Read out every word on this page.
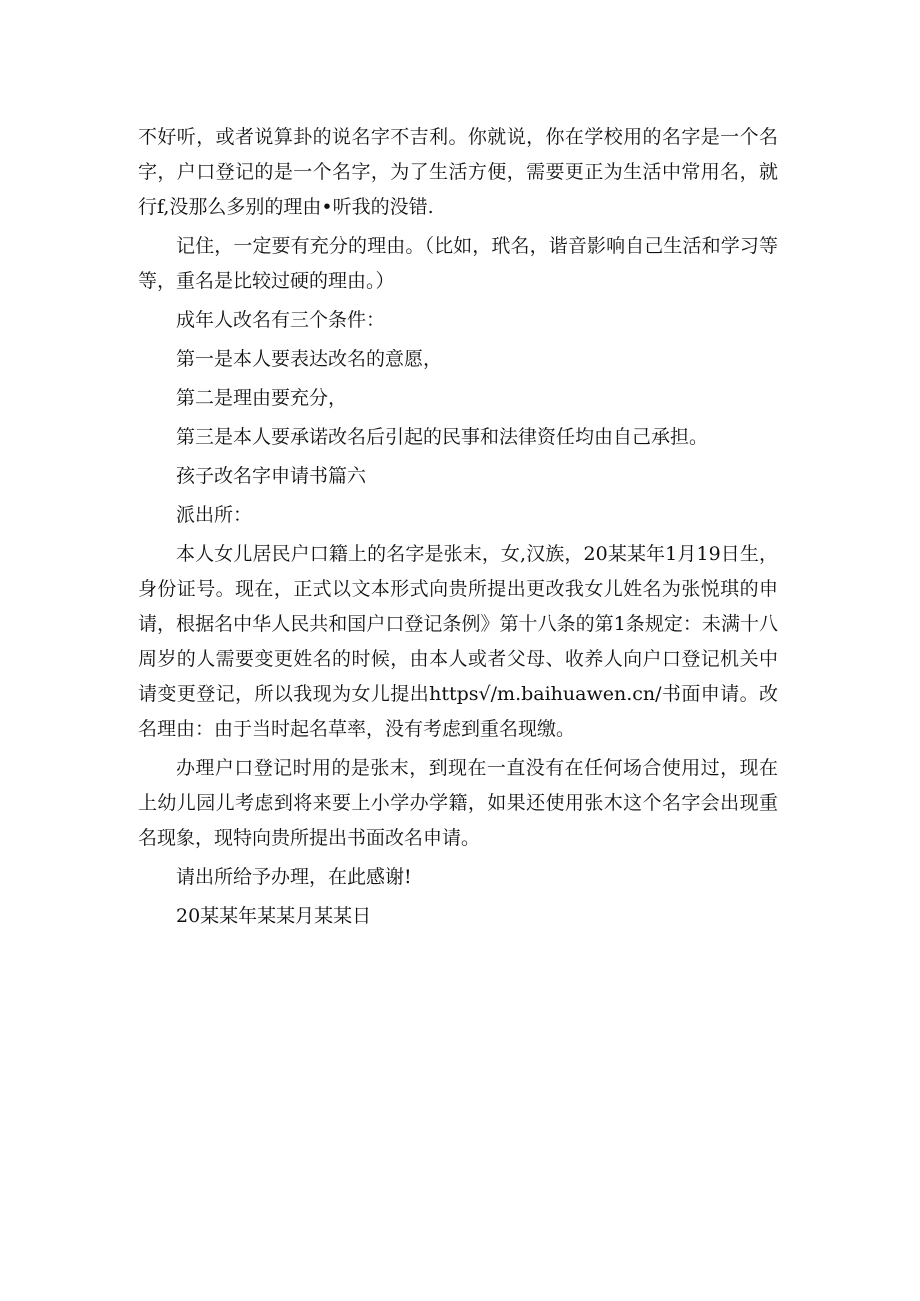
不好听，或者说算卦的说名字不吉利。你就说，你在学校用的名字是一个名字，户口登记的是一个名字，为了生活方便，需要更正为生活中常用名，就行f,没那么多别的理由•听我的没错.

记住，一定要有充分的理由。（比如，玳名，谐音影响自己生活和学习等等，重名是比较过硬的理由。）

成年人改名有三个条件：

第一是本人要表达改名的意愿，

第二是理由要充分，

第三是本人要承诺改名后引起的民事和法律资任均由自己承担。

孩子改名字申请书篇六

派出所：

本人女儿居民户口籍上的名字是张末，女,汉族，20某某年1月19日生，身份证号。现在，正式以文本形式向贵所提出更改我女儿姓名为张悦琪的申请，根据名中华人民共和国户口登记条例》第十八条的第1条规定：未满十八周岁的人需要变更姓名的时候，由本人或者父母、收养人向户口登记机关中请变更登记，所以我现为女儿提出https√/m.baihuawen.cn/书面申请。改名理由：由于当时起名草率，没有考虑到重名现缴。

办理户口登记时用的是张末，到现在一直没有在任何场合使用过，现在上幼儿园儿考虑到将来要上小学办学籍，如果还使用张木这个名字会出现重名现象，现特向贵所提出书面改名申请。

请出所给予办理，在此感谢!

20某某年某某月某某日
